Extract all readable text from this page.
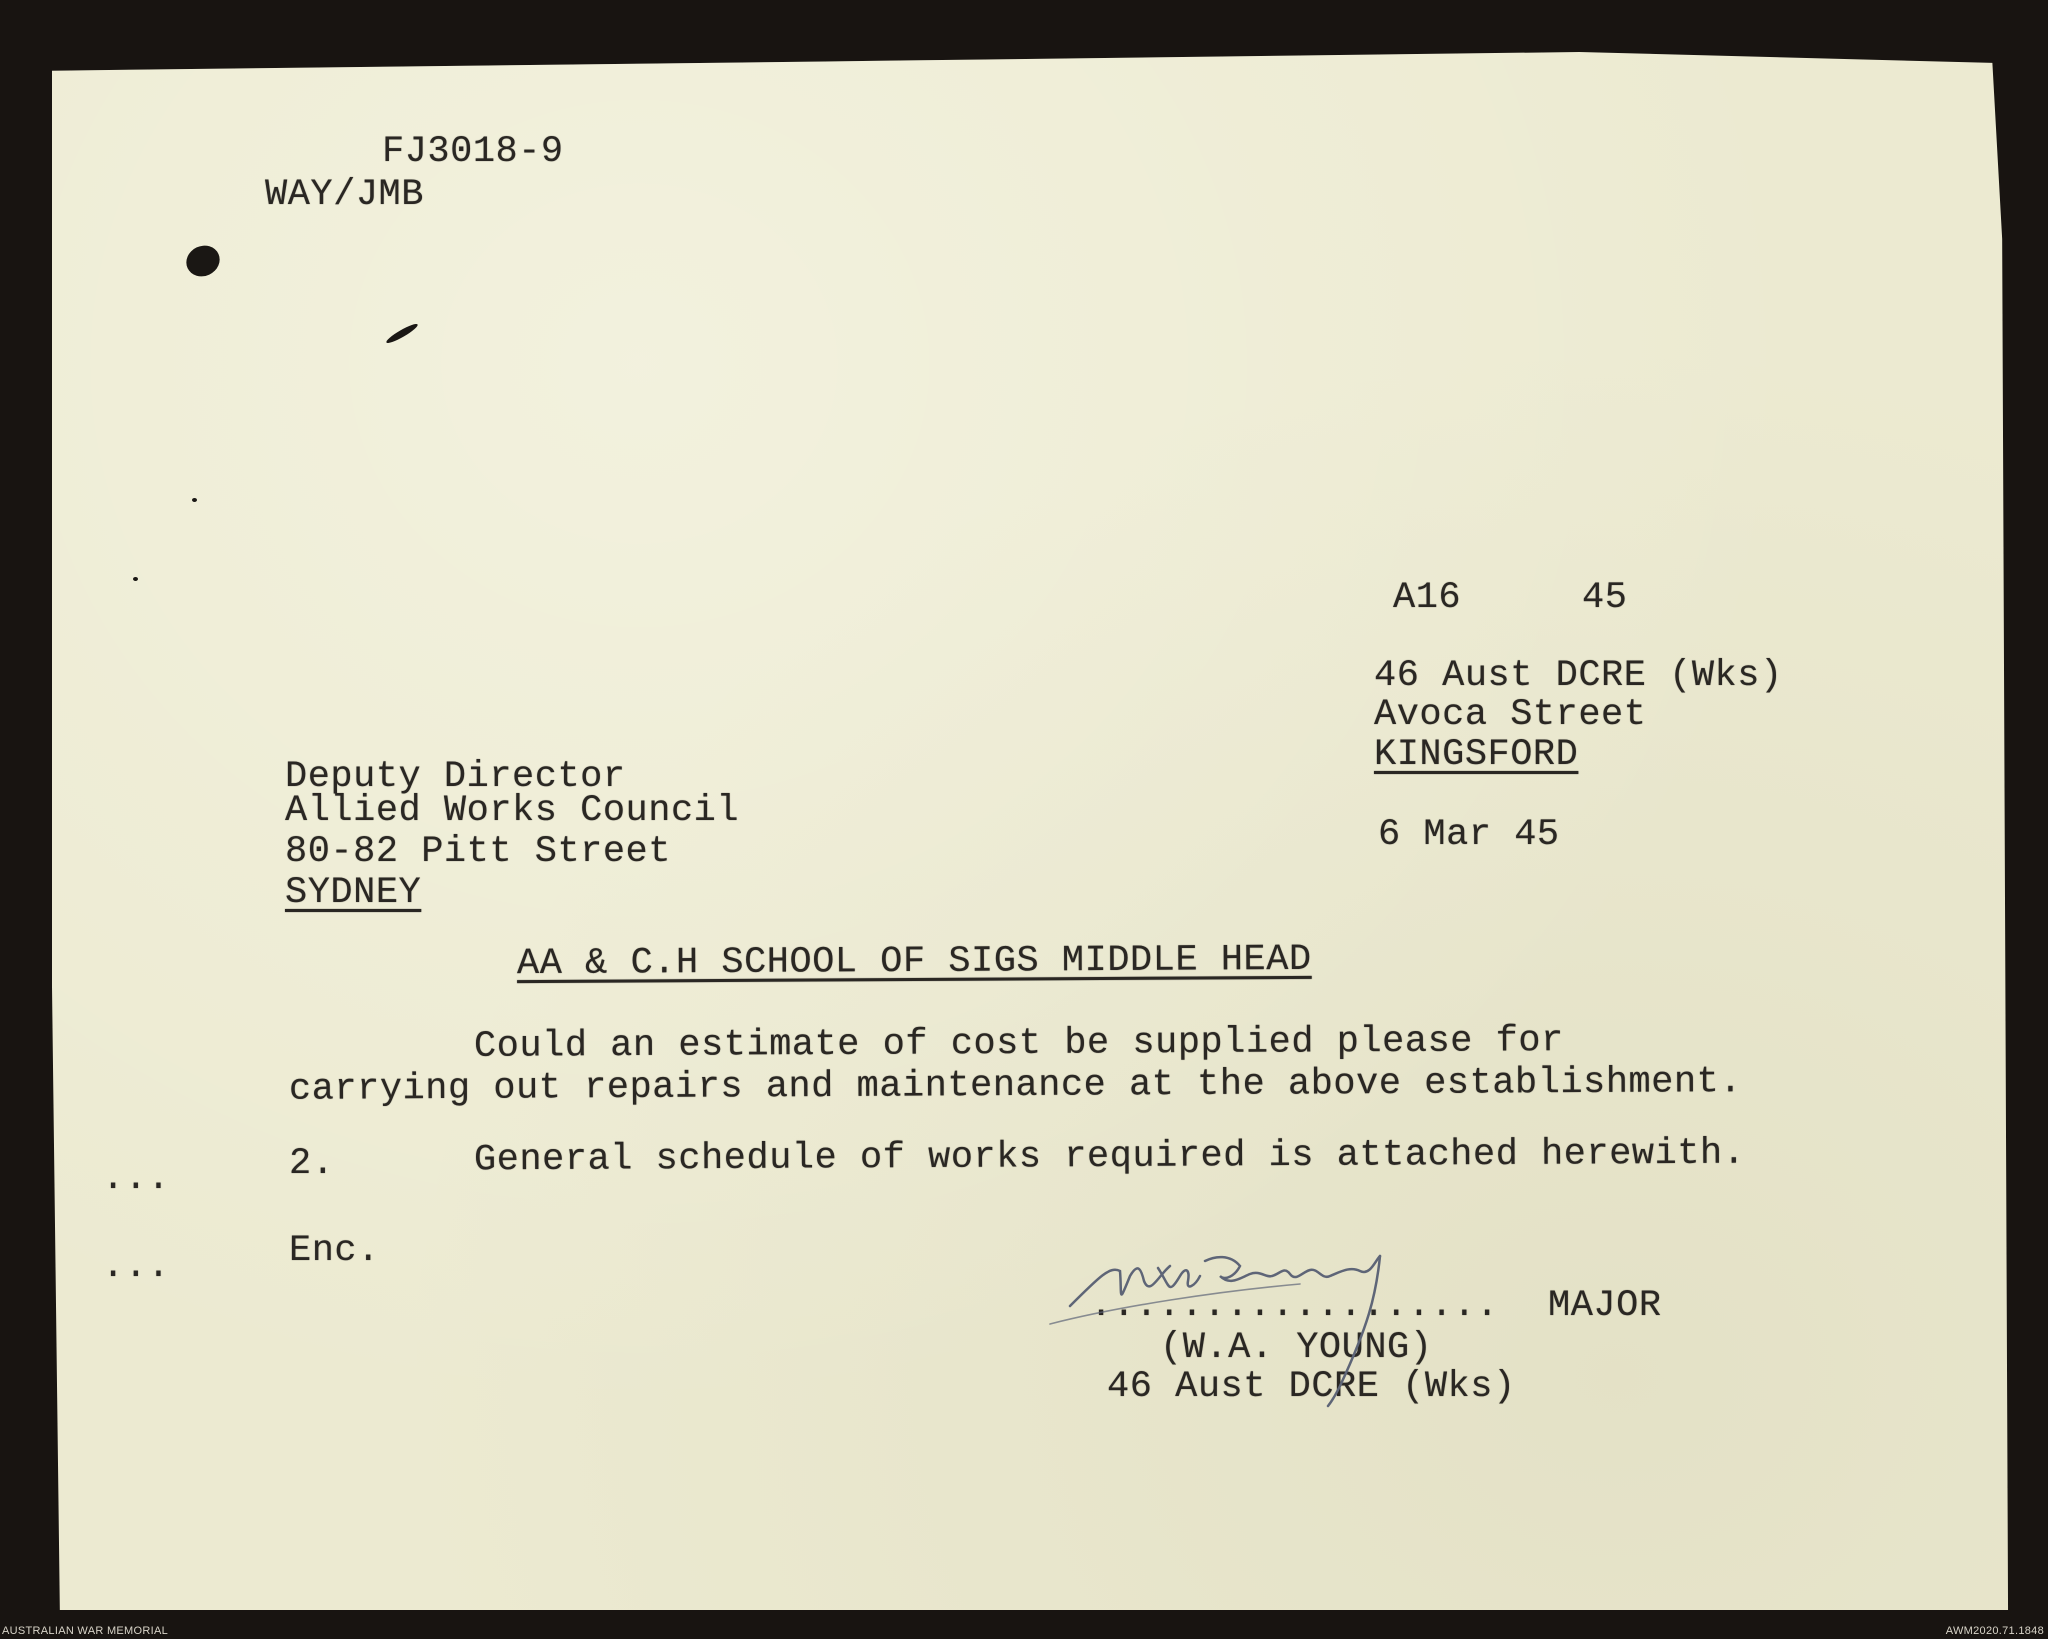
FJ3018-9
WAY/JMB
A16	45
46 Aust DCRE (Wks)
Avoca Street
KINGSFORD
6 Mar 45
Deputy Director
Allied Works Council
80-82 Pitt Street
SYDNEY
AA & C.H SCHOOL OF SIGS MIDDLE HEAD
Could an estimate of cost be supplied please for
carrying out repairs and maintenance at the above establishment.
...	2.	General schedule of works required is attached herewith.
...	Enc.
.................. MAJOR
(W.A. YOUNG)
46 Aust DCRE (Wks)
AUSTRALIAN WAR MEMORIAL	AWM2020.71.1848
